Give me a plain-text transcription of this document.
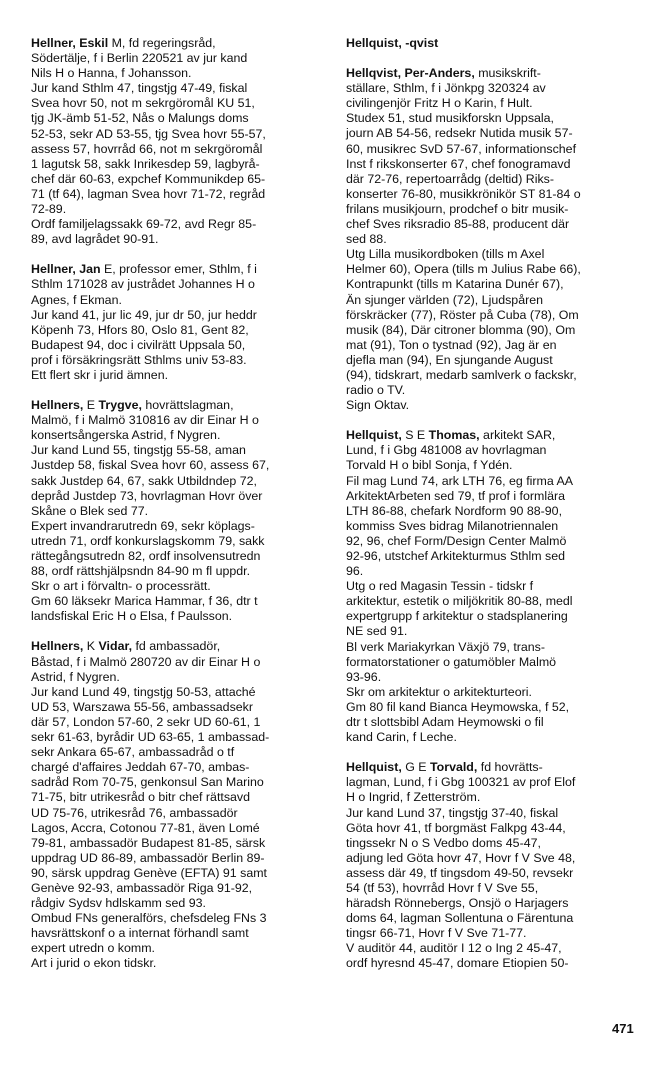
Hellner, Eskil M, fd regeringsråd,
Södertälje, f i Berlin 220521 av jur kand
Nils H o Hanna, f Johansson.
Jur kand Sthlm 47, tingstjg 47-49, fiskal
Svea hovr 50, not m sekrgöromål KU 51,
tjg JK-ämb 51-52, Nås o Malungs doms
52-53, sekr AD 53-55, tjg Svea hovr 55-57,
assess 57, hovrråd 66, not m sekrgöromål
1 lagutsk 58, sakk Inrikesdep 59, lagbyrå-
chef där 60-63, expchef Kommunikdep 65-
71 (tf 64), lagman Svea hovr 71-72, regråd
72-89.
Ordf familjelagssakk 69-72, avd Regr 85-
89, avd lagrådet 90-91.

Hellner, Jan E, professor emer, Sthlm, f i
Sthlm 171028 av justrådet Johannes H o
Agnes, f Ekman.
Jur kand 41, jur lic 49, jur dr 50, jur heddr
Köpenh 73, Hfors 80, Oslo 81, Gent 82,
Budapest 94, doc i civilrätt Uppsala 50,
prof i försäkringsrätt Sthlms univ 53-83.
Ett flert skr i jurid ämnen.

Hellners, E Trygve, hovrättslagman,
Malmö, f i Malmö 310816 av dir Einar H o
konsertsångerska Astrid, f Nygren.
Jur kand Lund 55, tingstjg 55-58, aman
Justdep 58, fiskal Svea hovr 60, assess 67,
sakk Justdep 64, 67, sakk Utbildndep 72,
depråd Justdep 73, hovrlagman Hovr över
Skåne o Blek sed 77.
Expert invandrarutredn 69, sekr köplags-
utredn 71, ordf konkurslagskomm 79, sakk
rättegångsutredn 82, ordf insolvensutredn
88, ordf rättshjälpsndn 84-90 m fl uppdr.
Skr o art i förvaltn- o processrätt.
Gm 60 läksekr Marica Hammar, f 36, dtr t
landsfiskal Eric H o Elsa, f Paulsson.

Hellners, K Vidar, fd ambassadör,
Båstad, f i Malmö 280720 av dir Einar H o
Astrid, f Nygren.
Jur kand Lund 49, tingstjg 50-53, attaché
UD 53, Warszawa 55-56, ambassadsekr
där 57, London 57-60, 2 sekr UD 60-61, 1
sekr 61-63, byrådir UD 63-65, 1 ambassad-
sekr Ankara 65-67, ambassadråd o tf
chargé d'affaires Jeddah 67-70, ambas-
sadråd Rom 70-75, genkonsul San Marino
71-75, bitr utrikesråd o bitr chef rättsavd
UD 75-76, utrikesråd 76, ambassadör
Lagos, Accra, Cotonou 77-81, även Lomé
79-81, ambassadör Budapest 81-85, särsk
uppdrag UD 86-89, ambassadör Berlin 89-
90, särsk uppdrag Genève (EFTA) 91 samt
Genève 92-93, ambassadör Riga 91-92,
rådgiv Sydsv hdlskamm sed 93.
Ombud FNs generalförs, chefsdeleg FNs 3
havsrättskonf o a internat förhandl samt
expert utredn o komm.
Art i jurid o ekon tidskr.

Hellquist, -qvist

Hellqvist, Per-Anders, musikskrift-
ställare, Sthlm, f i Jönkpg 320324 av
civilingenjör Fritz H o Karin, f Hult.
Studex 51, stud musikforskn Uppsala,
journ AB 54-56, redsekr Nutida musik 57-
60, musikrec SvD 57-67, informationschef
Inst f rikskonserter 67, chef fonogramavd
där 72-76, repertoarrådg (deltid) Riks-
konserter 76-80, musikkrönikör ST 81-84 o
frilans musikjourn, prodchef o bitr musik-
chef Sves riksradio 85-88, producent där
sed 88.
Utg Lilla musikordboken (tills m Axel
Helmer 60), Opera (tills m Julius Rabe 66),
Kontrapunkt (tills m Katarina Dunér 67),
Än sjunger världen (72), Ljudspåren
förskräcker (77), Röster på Cuba (78), Om
musik (84), Där citroner blomma (90), Om
mat (91), Ton o tystnad (92), Jag är en
djefla man (94), En sjungande August
(94), tidskrart, medarb samlverk o fackskr,
radio o TV.
Sign Oktav.

Hellquist, S E Thomas, arkitekt SAR,
Lund, f i Gbg 481008 av hovrlagman
Torvald H o bibl Sonja, f Ydén.
Fil mag Lund 74, ark LTH 76, eg firma AA
ArkitektArbeten sed 79, tf prof i formlära
LTH 86-88, chefark Nordform 90 88-90,
kommiss Sves bidrag Milanotriennalen
92, 96, chef Form/Design Center Malmö
92-96, utstchef Arkitekturmus Sthlm sed
96.
Utg o red Magasin Tessin - tidskr f
arkitektur, estetik o miljökritik 80-88, medl
expertgrupp f arkitektur o stadsplanering
NE sed 91.
Bl verk Mariakyrkan Växjö 79, trans-
formatorstationer o gatumöbler Malmö
93-96.
Skr om arkitektur o arkitekturteori.
Gm 80 fil kand Bianca Heymowska, f 52,
dtr t slottsbibl Adam Heymowski o fil
kand Carin, f Leche.

Hellquist, G E Torvald, fd hovrätts-
lagman, Lund, f i Gbg 100321 av prof Elof
H o Ingrid, f Zetterström.
Jur kand Lund 37, tingstjg 37-40, fiskal
Göta hovr 41, tf borgmäst Falkpg 43-44,
tingssekr N o S Vedbo doms 45-47,
adjung led Göta hovr 47, Hovr f V Sve 48,
assess där 49, tf tingsdom 49-50, revsekr
54 (tf 53), hovrråd Hovr f V Sve 55,
häradsh Rönnebergs, Onsjö o Harjagers
doms 64, lagman Sollentuna o Färentuna
tingsr 66-71, Hovr f V Sve 71-77.
V auditör 44, auditör I 12 o Ing 2 45-47,
ordf hyresnd 45-47, domare Etiopien 50-

471
